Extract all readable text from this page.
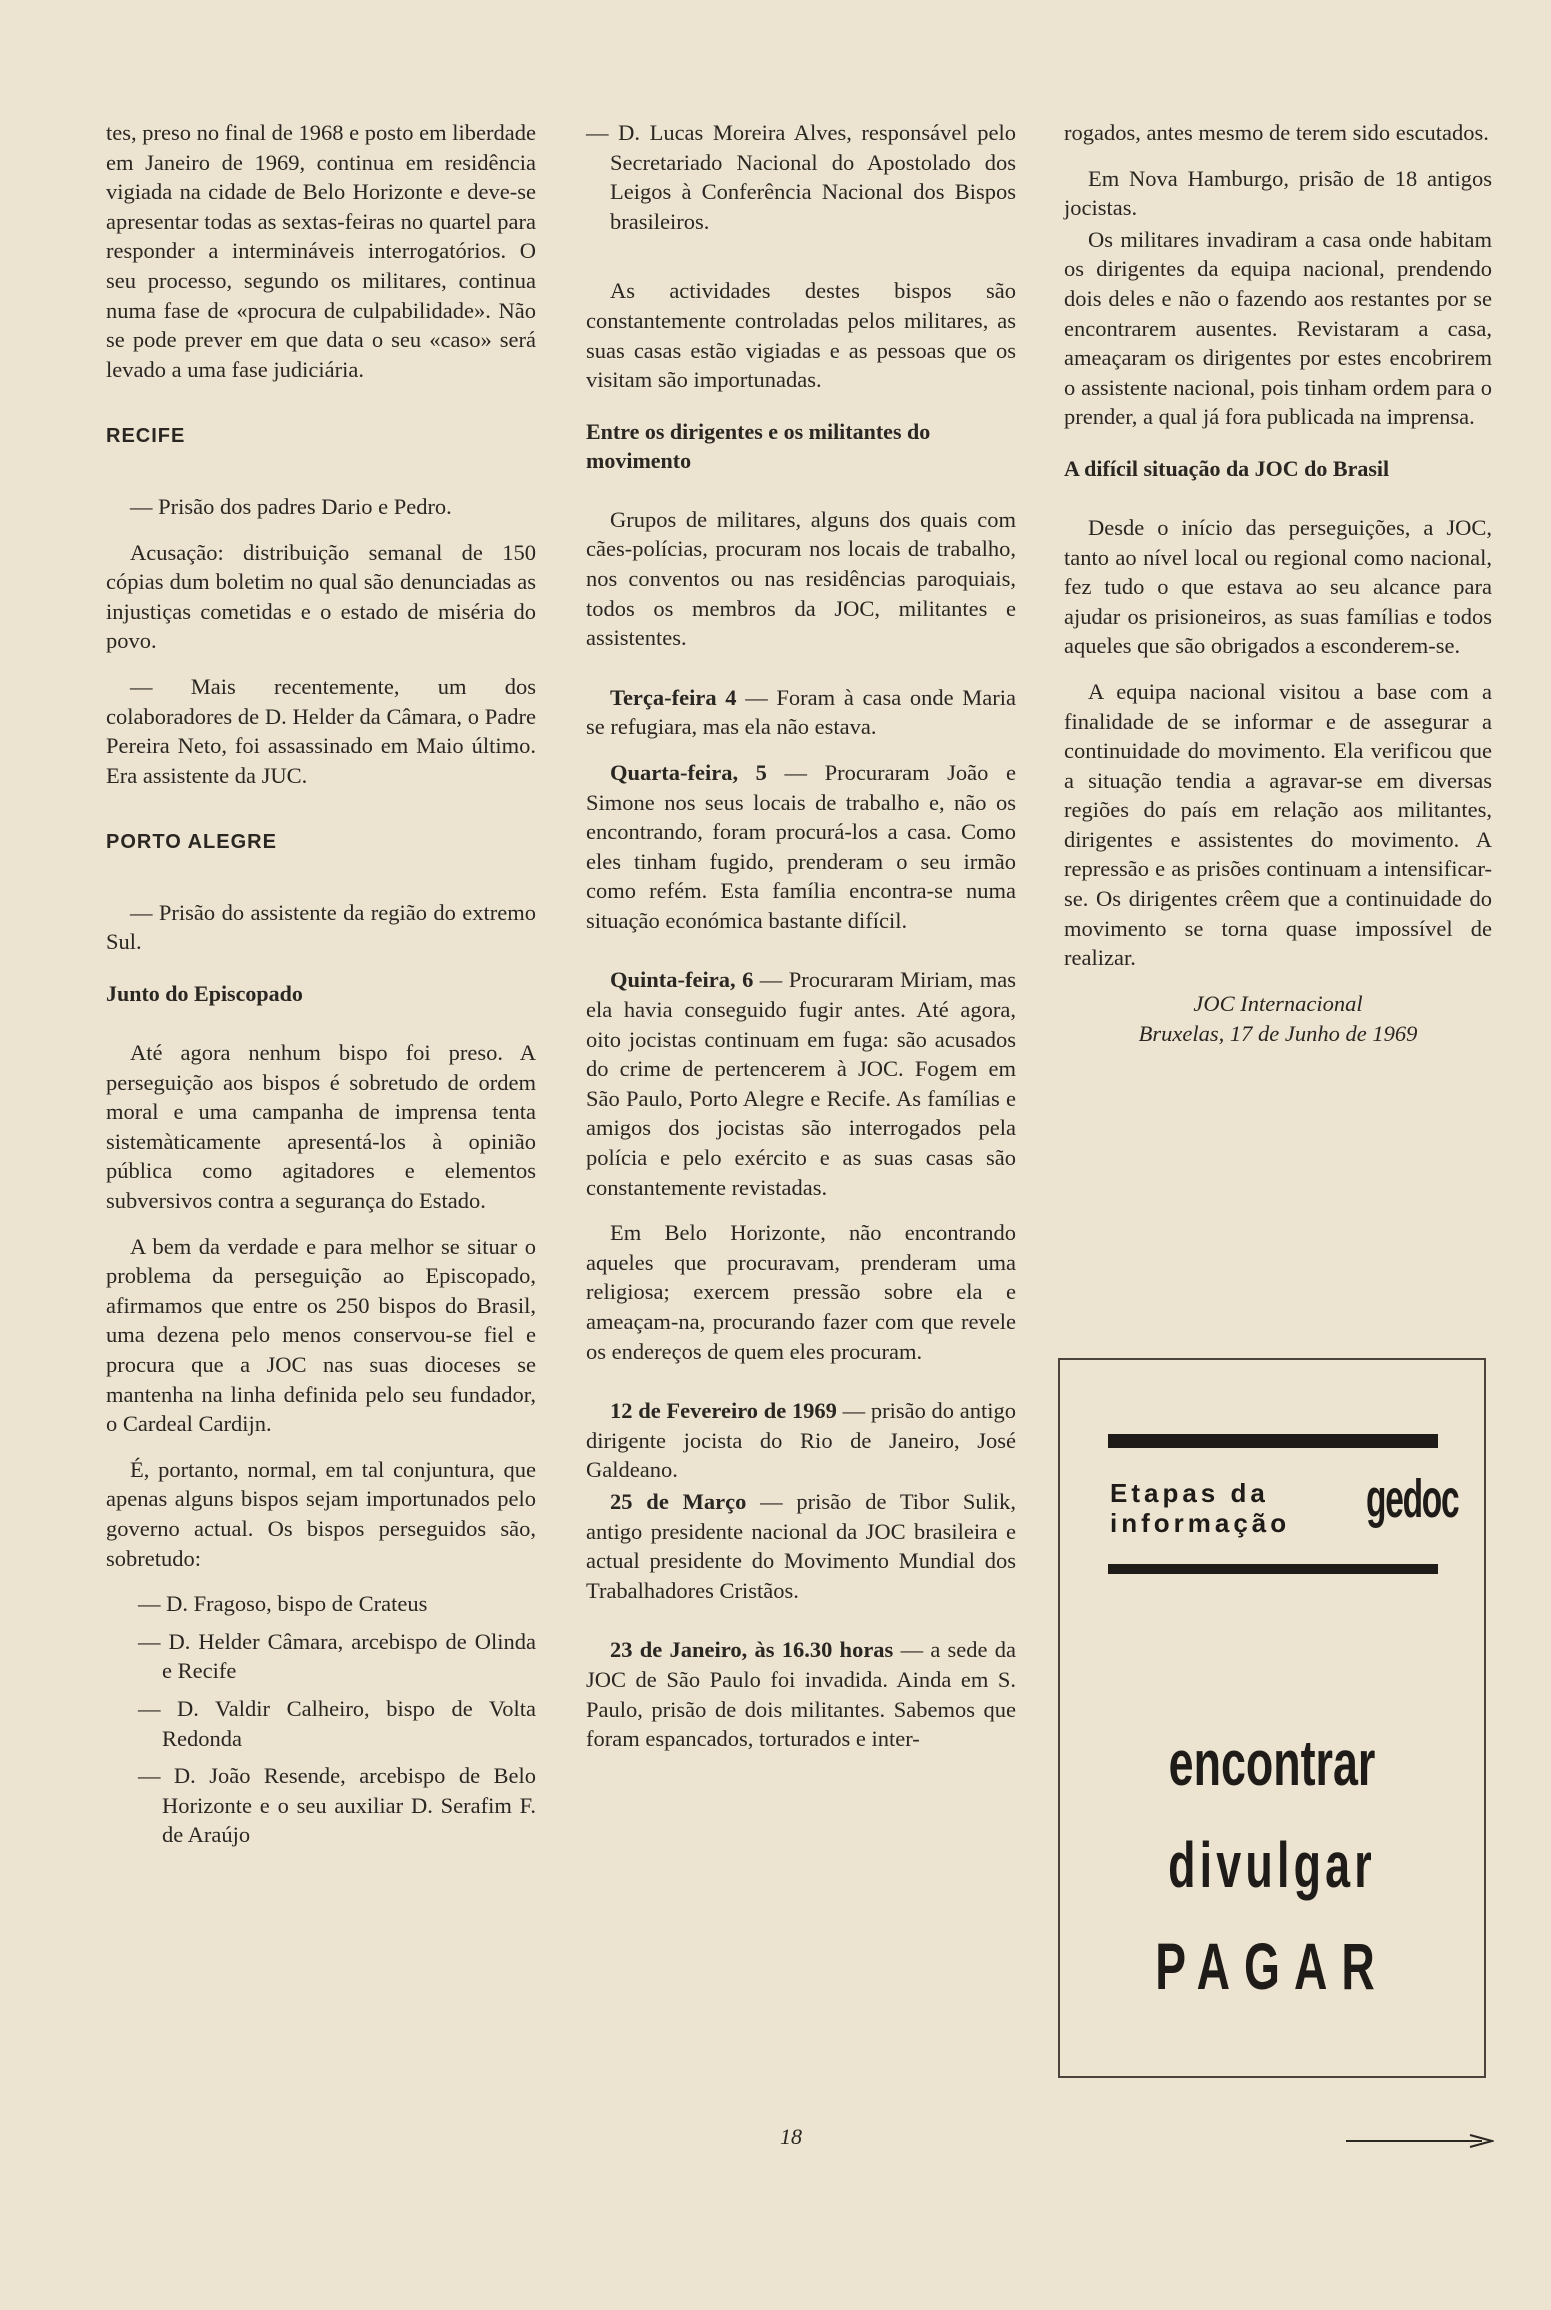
tes, preso no final de 1968 e posto em liberdade em Janeiro de 1969, continua em residência vigiada na cidade de Belo Horizonte e deve-se apresentar todas as sextas-feiras no quartel para responder a intermináveis interrogatórios. O seu processo, segundo os militares, continua numa fase de «procura de culpabilidade». Não se pode prever em que data o seu «caso» será levado a uma fase judiciária.

RECIFE

— Prisão dos padres Dario e Pedro.

Acusação: distribuição semanal de 150 cópias dum boletim no qual são denunciadas as injustiças cometidas e o estado de miséria do povo.

— Mais recentemente, um dos colaboradores de D. Helder da Câmara, o Padre Pereira Neto, foi assassinado em Maio último. Era assistente da JUC.

PORTO ALEGRE

— Prisão do assistente da região do extremo Sul.

Junto do Episcopado

Até agora nenhum bispo foi preso. A perseguição aos bispos é sobretudo de ordem moral e uma campanha de imprensa tenta sistemàticamente apresentá-los à opinião pública como agitadores e elementos subversivos contra a segurança do Estado.

A bem da verdade e para melhor se situar o problema da perseguição ao Episcopado, afirmamos que entre os 250 bispos do Brasil, uma dezena pelo menos conservou-se fiel e procura que a JOC nas suas dioceses se mantenha na linha definida pelo seu fundador, o Cardeal Cardijn.

É, portanto, normal, em tal conjuntura, que apenas alguns bispos sejam importunados pelo governo actual. Os bispos perseguidos são, sobretudo:

— D. Fragoso, bispo de Crateus

— D. Helder Câmara, arcebispo de Olinda e Recife

— D. Valdir Calheiro, bispo de Volta Redonda

— D. João Resende, arcebispo de Belo Horizonte e o seu auxiliar D. Serafim F. de Araújo

— D. Lucas Moreira Alves, responsável pelo Secretariado Nacional do Apostolado dos Leigos à Conferência Nacional dos Bispos brasileiros.

As actividades destes bispos são constantemente controladas pelos militares, as suas casas estão vigiadas e as pessoas que os visitam são importunadas.

Entre os dirigentes e os militantes do movimento

Grupos de militares, alguns dos quais com cães-polícias, procuram nos locais de trabalho, nos conventos ou nas residências paroquiais, todos os membros da JOC, militantes e assistentes.

Terça-feira 4 — Foram à casa onde Maria se refugiara, mas ela não estava.

Quarta-feira, 5 — Procuraram João e Simone nos seus locais de trabalho e, não os encontrando, foram procurá-los a casa. Como eles tinham fugido, prenderam o seu irmão como refém. Esta família encontra-se numa situação económica bastante difícil.

Quinta-feira, 6 — Procuraram Miriam, mas ela havia conseguido fugir antes. Até agora, oito jocistas continuam em fuga: são acusados do crime de pertencerem à JOC. Fogem em São Paulo, Porto Alegre e Recife. As famílias e amigos dos jocistas são interrogados pela polícia e pelo exército e as suas casas são constantemente revistadas.

Em Belo Horizonte, não encontrando aqueles que procuravam, prenderam uma religiosa; exercem pressão sobre ela e ameaçam-na, procurando fazer com que revele os endereços de quem eles procuram.

12 de Fevereiro de 1969 — prisão do antigo dirigente jocista do Rio de Janeiro, José Galdeano.

25 de Março — prisão de Tibor Sulik, antigo presidente nacional da JOC brasileira e actual presidente do Movimento Mundial dos Trabalhadores Cristãos.

23 de Janeiro, às 16.30 horas — a sede da JOC de São Paulo foi invadida. Ainda em S. Paulo, prisão de dois militantes. Sabemos que foram espancados, torturados e inter-

rogados, antes mesmo de terem sido escutados.

Em Nova Hamburgo, prisão de 18 antigos jocistas.

Os militares invadiram a casa onde habitam os dirigentes da equipa nacional, prendendo dois deles e não o fazendo aos restantes por se encontrarem ausentes. Revistaram a casa, ameaçaram os dirigentes por estes encobrirem o assistente nacional, pois tinham ordem para o prender, a qual já fora publicada na imprensa.

A difícil situação da JOC do Brasil

Desde o início das perseguições, a JOC, tanto ao nível local ou regional como nacional, fez tudo o que estava ao seu alcance para ajudar os prisioneiros, as suas famílias e todos aqueles que são obrigados a esconderem-se.

A equipa nacional visitou a base com a finalidade de se informar e de assegurar a continuidade do movimento. Ela verificou que a situação tendia a agravar-se em diversas regiões do país em relação aos militantes, dirigentes e assistentes do movimento. A repressão e as prisões continuam a intensificar-se. Os dirigentes crêem que a continuidade do movimento se torna quase impossível de realizar.

JOC Internacional
Bruxelas, 17 de Junho de 1969
Etapas da
informação gedoc
encontrar
divulgar
PAGAR
18
